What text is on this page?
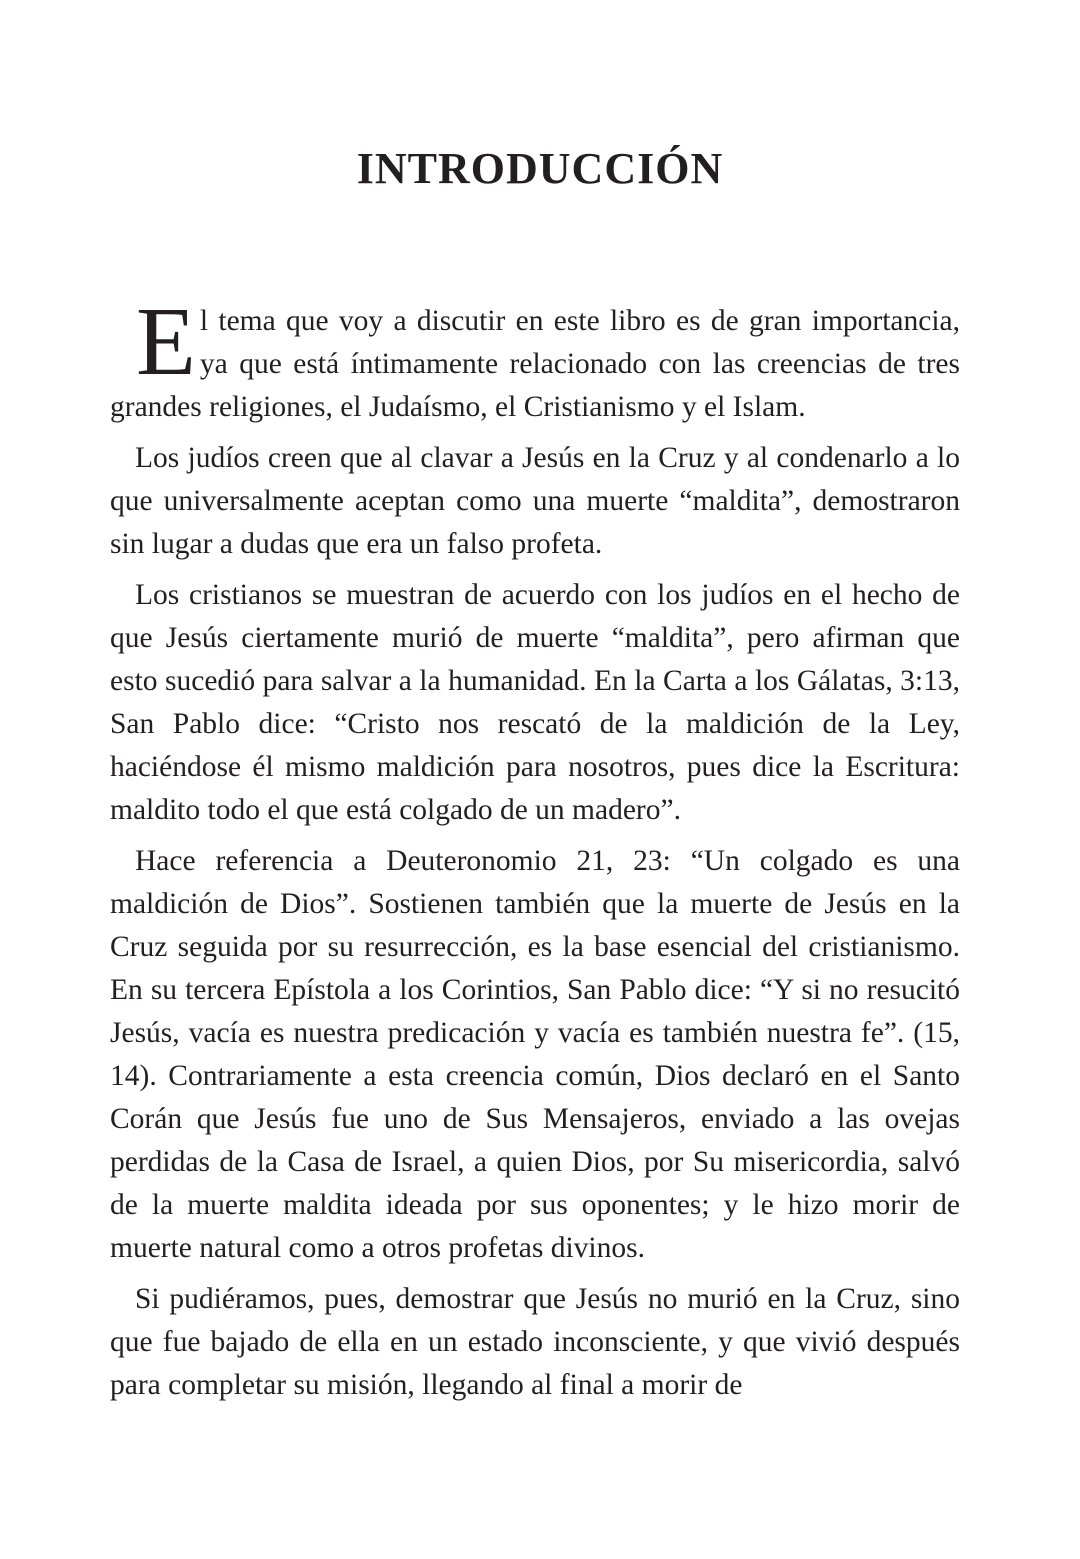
INTRODUCCIÓN

El tema que voy a discutir en este libro es de gran importancia, ya que está íntimamente relacionado con las creencias de tres grandes religiones, el Judaísmo, el Cristianismo y el Islam.

Los judíos creen que al clavar a Jesús en la Cruz y al condenarlo a lo que universalmente aceptan como una muerte “maldita”, demostraron sin lugar a dudas que era un falso profeta.

Los cristianos se muestran de acuerdo con los judíos en el hecho de que Jesús ciertamente murió de muerte “maldita”, pero afirman que esto sucedió para salvar a la humanidad. En la Carta a los Gálatas, 3:13, San Pablo dice: “Cristo nos rescató de la maldición de la Ley, haciéndose él mismo maldición para nosotros, pues dice la Escritura: maldito todo el que está colgado de un madero”.

Hace referencia a Deuteronomio 21, 23: “Un colgado es una maldición de Dios”. Sostienen también que la muerte de Jesús en la Cruz seguida por su resurrección, es la base esencial del cristianismo. En su tercera Epístola a los Corintios, San Pablo dice: “Y si no resucitó Jesús, vacía es nuestra predicación y vacía es también nuestra fe”. (15, 14). Contrariamente a esta creencia común, Dios declaró en el Santo Corán que Jesús fue uno de Sus Mensajeros, enviado a las ovejas perdidas de la Casa de Israel, a quien Dios, por Su misericordia, salvó de la muerte maldita ideada por sus oponentes; y le hizo morir de muerte natural como a otros profetas divinos.

Si pudiéramos, pues, demostrar que Jesús no murió en la Cruz, sino que fue bajado de ella en un estado inconsciente, y que vivió después para completar su misión, llegando al final a morir de
